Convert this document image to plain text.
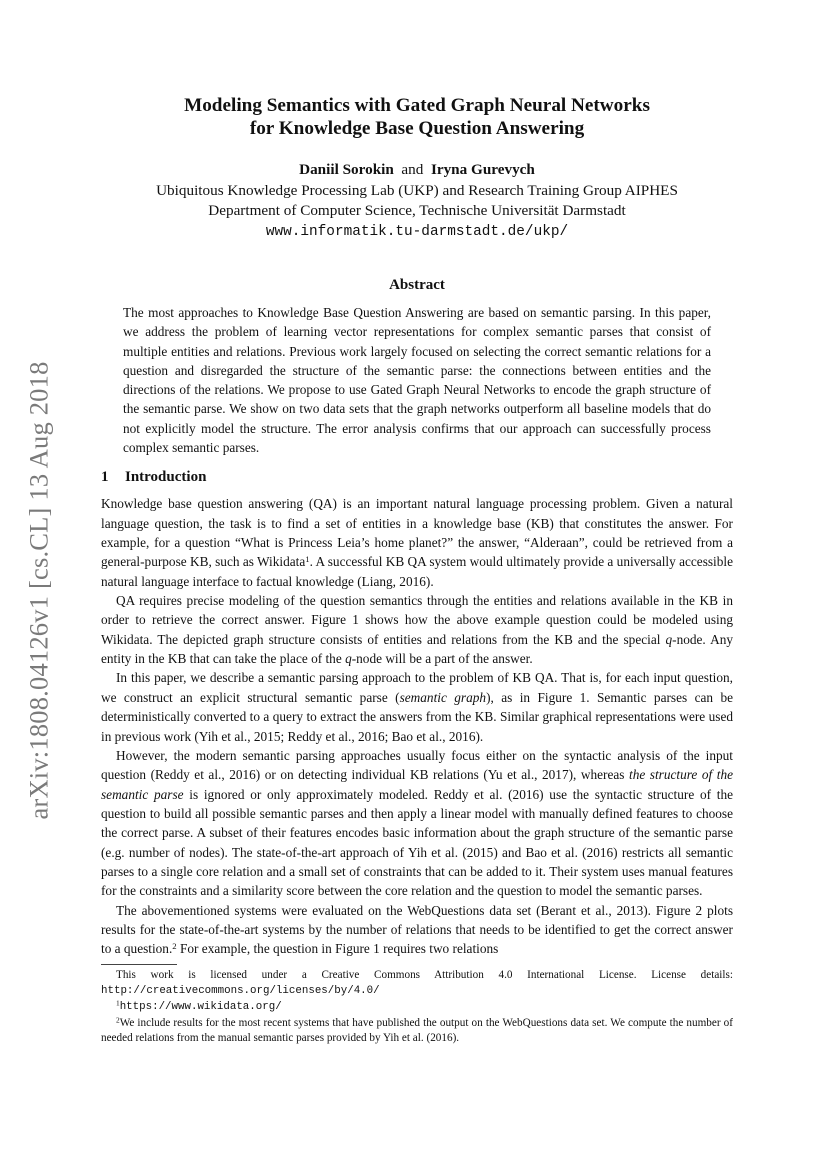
arXiv:1808.04126v1 [cs.CL] 13 Aug 2018
Modeling Semantics with Gated Graph Neural Networks
for Knowledge Base Question Answering
Daniil Sorokin and Iryna Gurevych
Ubiquitous Knowledge Processing Lab (UKP) and Research Training Group AIPHES
Department of Computer Science, Technische Universität Darmstadt
www.informatik.tu-darmstadt.de/ukp/
Abstract
The most approaches to Knowledge Base Question Answering are based on semantic parsing. In this paper, we address the problem of learning vector representations for complex semantic parses that consist of multiple entities and relations. Previous work largely focused on selecting the correct semantic relations for a question and disregarded the structure of the semantic parse: the connections between entities and the directions of the relations. We propose to use Gated Graph Neural Networks to encode the graph structure of the semantic parse. We show on two data sets that the graph networks outperform all baseline models that do not explicitly model the structure. The error analysis confirms that our approach can successfully process complex semantic parses.
1 Introduction

Knowledge base question answering (QA) is an important natural language processing problem. Given a natural language question, the task is to find a set of entities in a knowledge base (KB) that constitutes the answer. For example, for a question “What is Princess Leia’s home planet?” the answer, “Alderaan”, could be retrieved from a general-purpose KB, such as Wikidata$^1$. A successful KB QA system would ultimately provide a universally accessible natural language interface to factual knowledge (Liang, 2016).

QA requires precise modeling of the question semantics through the entities and relations available in the KB in order to retrieve the correct answer. Figure 1 shows how the above example question could be modeled using Wikidata. The depicted graph structure consists of entities and relations from the KB and the special q-node. Any entity in the KB that can take the place of the q-node will be a part of the answer.

In this paper, we describe a semantic parsing approach to the problem of KB QA. That is, for each input question, we construct an explicit structural semantic parse (semantic graph), as in Figure 1. Semantic parses can be deterministically converted to a query to extract the answers from the KB. Similar graphical representations were used in previous work (Yih et al., 2015; Reddy et al., 2016; Bao et al., 2016).

However, the modern semantic parsing approaches usually focus either on the syntactic analysis of the input question (Reddy et al., 2016) or on detecting individual KB relations (Yu et al., 2017), whereas the structure of the semantic parse is ignored or only approximately modeled. Reddy et al. (2016) use the syntactic structure of the question to build all possible semantic parses and then apply a linear model with manually defined features to choose the correct parse. A subset of their features encodes basic information about the graph structure of the semantic parse (e.g. number of nodes). The state-of-the-art approach of Yih et al. (2015) and Bao et al. (2016) restricts all semantic parses to a single core relation and a small set of constraints that can be added to it. Their system uses manual features for the constraints and a similarity score between the core relation and the question to model the semantic parses.

The abovementioned systems were evaluated on the WebQuestions data set (Berant et al., 2013). Figure 2 plots results for the state-of-the-art systems by the number of relations that needs to be identified to get the correct answer to a question.$^2$ For example, the question in Figure 1 requires two relations

This work is licensed under a Creative Commons Attribution 4.0 International License. License details: http://creativecommons.org/licenses/by/4.0/

$^1$https://www.wikidata.org/

$^2$We include results for the most recent systems that have published the output on the WebQuestions data set. We compute the number of needed relations from the manual semantic parses provided by Yih et al. (2016).
